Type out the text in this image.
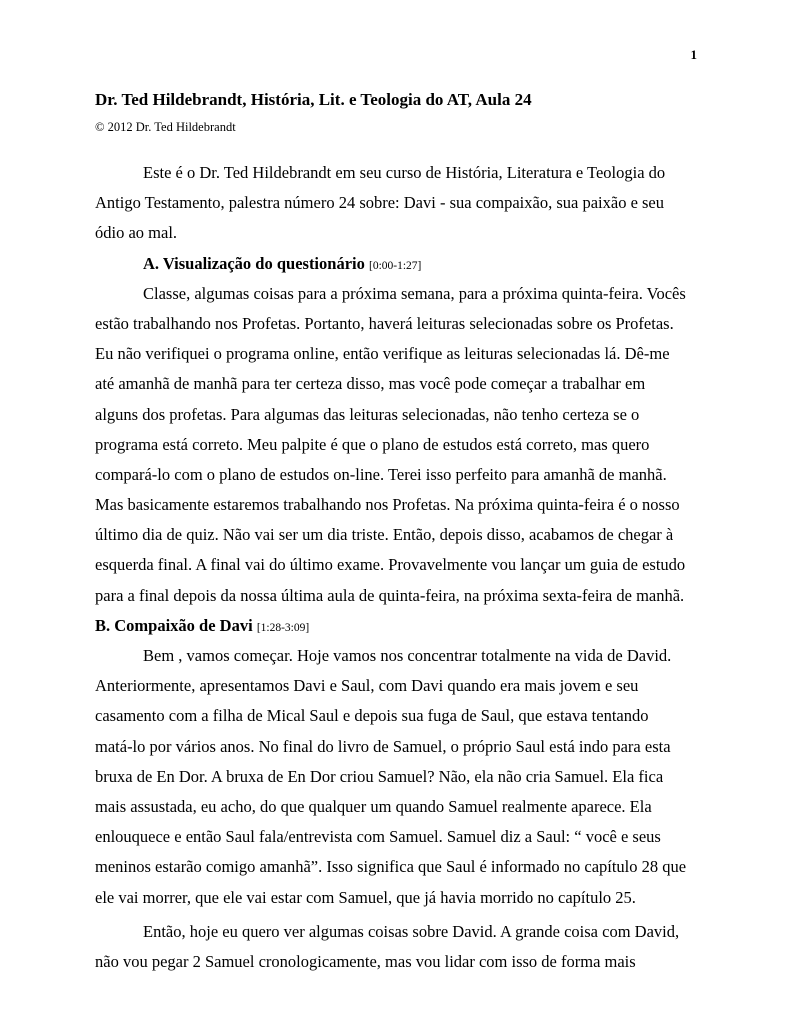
1
Dr. Ted Hildebrandt, História, Lit. e Teologia do AT, Aula 24
© 2012 Dr. Ted Hildebrandt
Este é o Dr. Ted Hildebrandt em seu curso de História, Literatura e Teologia do
Antigo Testamento, palestra número 24 sobre: Davi - sua compaixão, sua paixão e seu
ódio ao mal.
A. Visualização do questionário [0:00-1:27]
Classe, algumas coisas para a próxima semana, para a próxima quinta-feira. Vocês
estão trabalhando nos Profetas. Portanto, haverá leituras selecionadas sobre os Profetas.
Eu não verifiquei o programa online, então verifique as leituras selecionadas lá. Dê-me
até amanhã de manhã para ter certeza disso, mas você pode começar a trabalhar em
alguns dos profetas. Para algumas das leituras selecionadas, não tenho certeza se o
programa está correto. Meu palpite é que o plano de estudos está correto, mas quero
compará-lo com o plano de estudos on-line. Terei isso perfeito para amanhã de manhã.
Mas basicamente estaremos trabalhando nos Profetas. Na próxima quinta-feira é o nosso
último dia de quiz. Não vai ser um dia triste. Então, depois disso, acabamos de chegar à
esquerda final. A final vai do último exame. Provavelmente vou lançar um guia de estudo
para a final depois da nossa última aula de quinta-feira, na próxima sexta-feira de manhã.
B. Compaixão de Davi [1:28-3:09]
Bem , vamos começar. Hoje vamos nos concentrar totalmente na vida de David.
Anteriormente, apresentamos Davi e Saul, com Davi quando era mais jovem e seu
casamento com a filha de Mical Saul e depois sua fuga de Saul, que estava tentando
matá-lo por vários anos. No final do livro de Samuel, o próprio Saul está indo para esta
bruxa de En Dor. A bruxa de En Dor criou Samuel? Não, ela não cria Samuel. Ela fica
mais assustada, eu acho, do que qualquer um quando Samuel realmente aparece. Ela
enlouquece e então Saul fala/entrevista com Samuel. Samuel diz a Saul: “ você e seus
meninos estarão comigo amanhã”. Isso significa que Saul é informado no capítulo 28 que
ele vai morrer, que ele vai estar com Samuel, que já havia morrido no capítulo 25.
Então, hoje eu quero ver algumas coisas sobre David. A grande coisa com David,
não vou pegar 2 Samuel cronologicamente, mas vou lidar com isso de forma mais
